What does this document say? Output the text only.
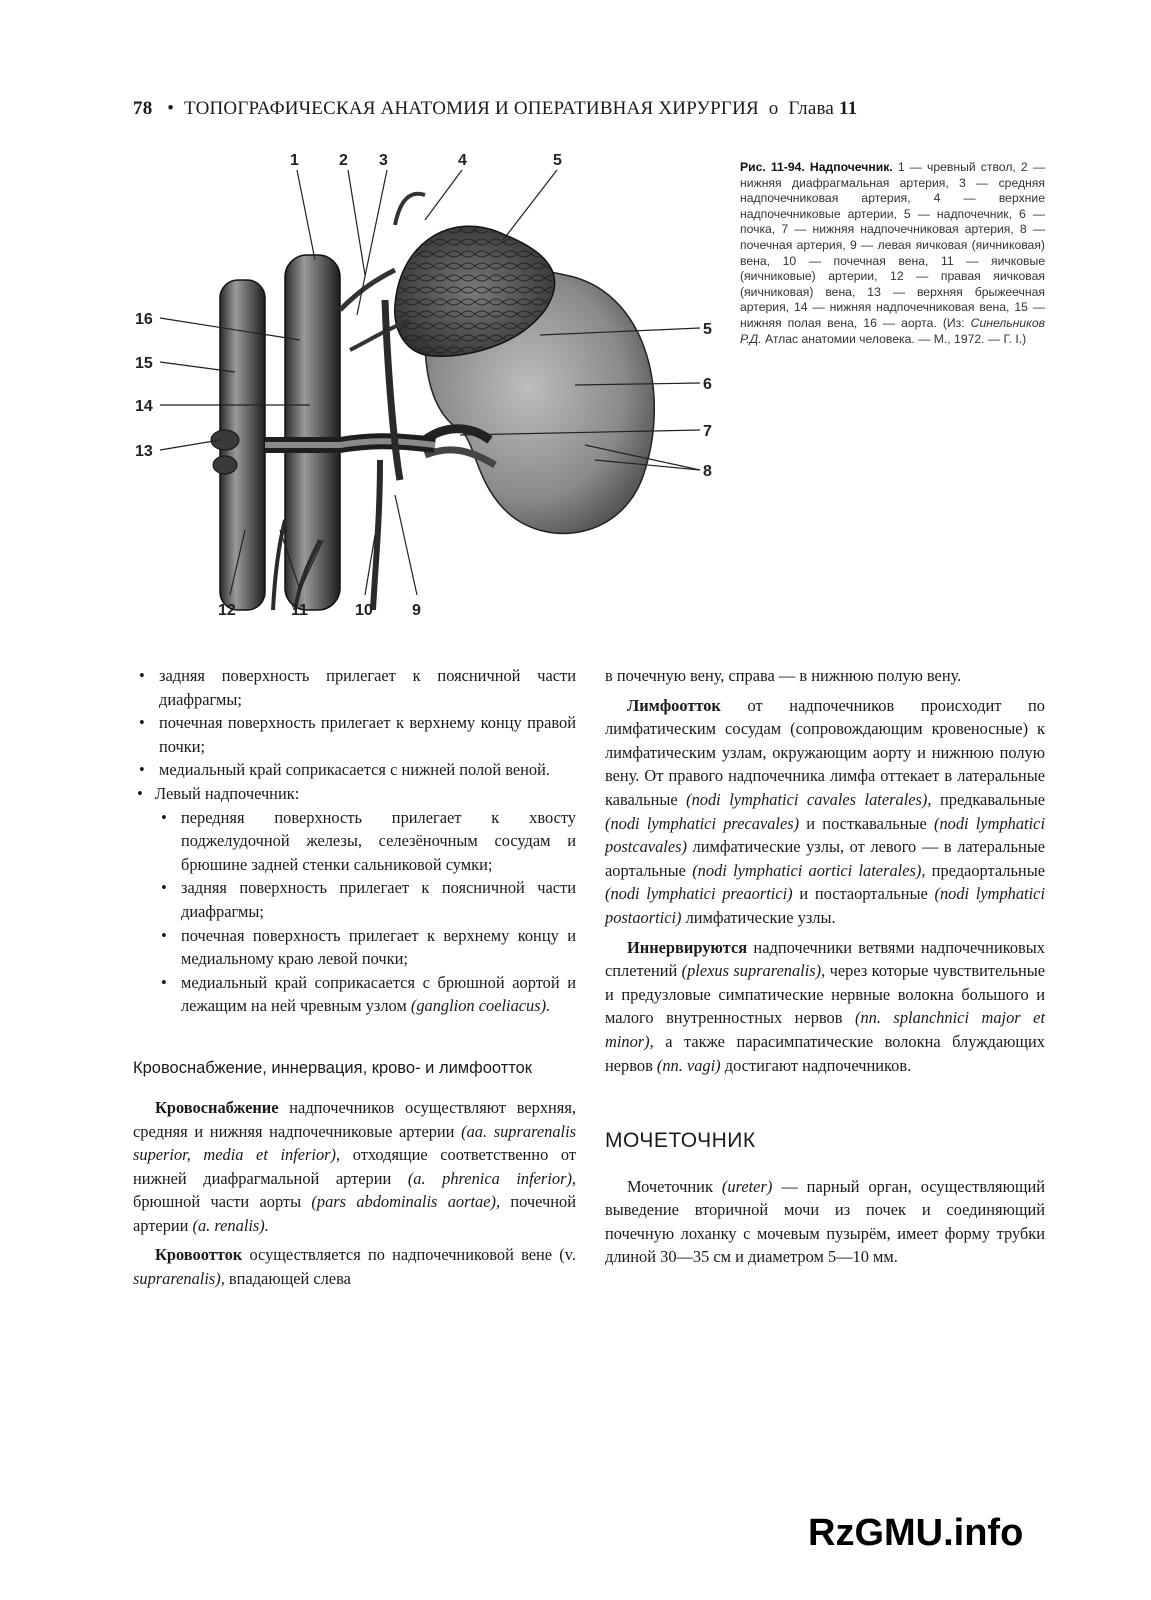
78 • ТОПОГРАФИЧЕСКАЯ АНАТОМИЯ И ОПЕРАТИВНАЯ ХИРУРГИЯ o Глава 11
1	2 3	4	5
16
15
14
13
5
6
7
8
12	11	10 9
Рис. 11-94. Надпочечник. 1 — чревный ствол, 2 — нижняя диафрагмальная артерия, 3 — средняя надпочечниковая артерия, 4 — верхние надпочечниковые артерии, 5 — надпочечник, 6 — почка, 7 — нижняя надпочечниковая артерия, 8 — почечная артерия, 9 — левая яичковая (яичниковая) вена, 10 — почечная вена, 11 — яичковые (яичниковые) артерии, 12 — правая яичковая (яичниковая) вена, 13 — верхняя брыжеечная артерия, 14 — нижняя надпочечниковая вена, 15 — нижняя полая вена, 16 — аорта. (Из: Синельников Р.Д. Атлас анатомии человека. — М., 1972. — Г. I.)
• задняя поверхность прилегает к поясничной части диафрагмы;
• почечная поверхность прилегает к верхнему концу правой почки;
• медиальный край соприкасается с нижней полой веной.
• Левый надпочечник:
• передняя поверхность прилегает к хвосту поджелудочной железы, селезёночным сосудам и брюшине задней стенки сальниковой сумки;
• задняя поверхность прилегает к поясничной части диафрагмы;
• почечная поверхность прилегает к верхнему концу и медиальному краю левой почки;
• медиальный край соприкасается с брюшной аортой и лежащим на ней чревным узлом (ganglion coeliacus).
Кровоснабжение, иннервация, крово- и лимфоотток

Кровоснабжение надпочечников осуществляют верхняя, средняя и нижняя надпочечниковые артерии (aa. suprarenalis superior, media et inferior), отходящие соответственно от нижней диафрагмальной артерии (a. phrenica inferior), брюшной части аорты (pars abdominalis aortae), почечной артерии (a. renalis).

Кровоотток осуществляется по надпочечниковой вене (v. suprarenalis), впадающей слева

в почечную вену, справа — в нижнюю полую вену.

Лимфоотток от надпочечников происходит по лимфатическим сосудам (сопровождающим кровеносные) к лимфатическим узлам, окружающим аорту и нижнюю полую вену. От правого надпочечника лимфа оттекает в латеральные кавальные (nodi lymphatici cavales laterales), предкавальные (nodi lymphatici precavales) и посткавальные (nodi lymphatici postcavales) лимфатические узлы, от левого — в латеральные аортальные (nodi lymphatici aortici laterales), предаортальные (nodi lymphatici preaortici) и постаортальные (nodi lymphatici postaortici) лимфатические узлы.

Иннервируются надпочечники ветвями надпочечниковых сплетений (plexus suprarenalis), через которые чувствительные и предузловые симпатические нервные волокна большого и малого внутренностных нервов (nn. splanchnici major et minor), а также парасимпатические волокна блуждающих нервов (nn. vagi) достигают надпочечников.

МОЧЕТОЧНИК

Мочеточник (ureter) — парный орган, осуществляющий выведение вторичной мочи из почек и соединяющий почечную лоханку с мочевым пузырём, имеет форму трубки длиной 30—35 см и диаметром 5—10 мм.

RzGMU.info
